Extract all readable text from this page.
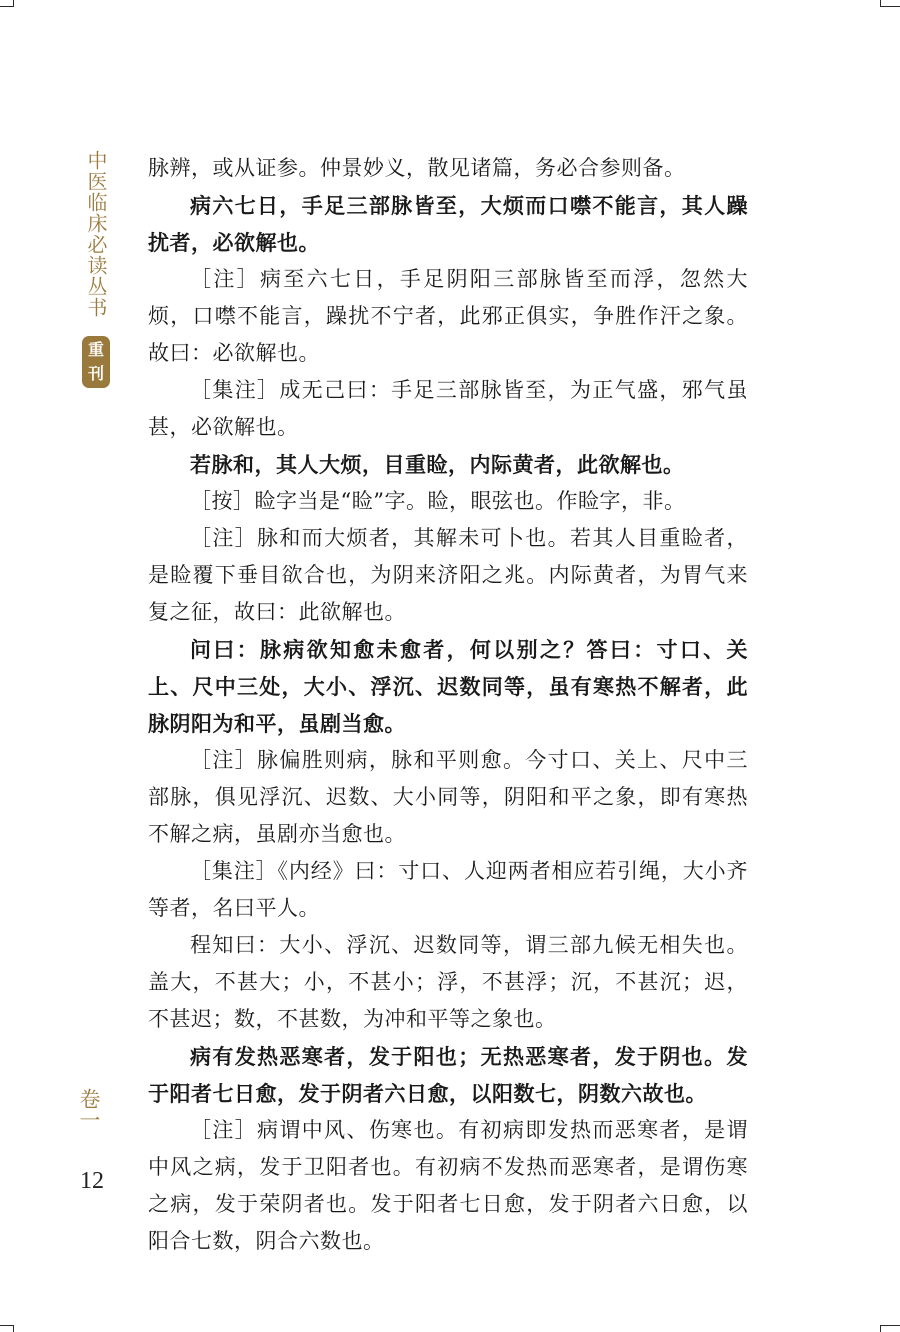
中医临床必读丛书
重
刊
卷一
12

脉辨，或从证参。仲景妙义，散见诸篇，务必合参则备。

病六七日，手足三部脉皆至，大烦而口噤不能言，其人躁扰者，必欲解也。

［注］病至六七日，手足阴阳三部脉皆至而浮，忽然大烦，口噤不能言，躁扰不宁者，此邪正俱实，争胜作汗之象。故曰：必欲解也。

［集注］成无己曰：手足三部脉皆至，为正气盛，邪气虽甚，必欲解也。

若脉和，其人大烦，目重睑，内际黄者，此欲解也。

［按］睑字当是“睑”字。睑，眼弦也。作睑字，非。

［注］脉和而大烦者，其解未可卜也。若其人目重睑者，是睑覆下垂目欲合也，为阴来济阳之兆。内际黄者，为胃气来复之征，故曰：此欲解也。

问曰：脉病欲知愈未愈者，何以别之？答曰：寸口、关上、尺中三处，大小、浮沉、迟数同等，虽有寒热不解者，此脉阴阳为和平，虽剧当愈。

［注］脉偏胜则病，脉和平则愈。今寸口、关上、尺中三部脉，俱见浮沉、迟数、大小同等，阴阳和平之象，即有寒热不解之病，虽剧亦当愈也。

［集注］《内经》曰：寸口、人迎两者相应若引绳，大小齐等者，名曰平人。

程知曰：大小、浮沉、迟数同等，谓三部九候无相失也。盖大，不甚大；小，不甚小；浮，不甚浮；沉，不甚沉；迟，不甚迟；数，不甚数，为冲和平等之象也。

病有发热恶寒者，发于阳也；无热恶寒者，发于阴也。发于阳者七日愈，发于阴者六日愈，以阳数七，阴数六故也。

［注］病谓中风、伤寒也。有初病即发热而恶寒者，是谓中风之病，发于卫阳者也。有初病不发热而恶寒者，是谓伤寒之病，发于荣阴者也。发于阳者七日愈，发于阴者六日愈，以阳合七数，阴合六数也。
